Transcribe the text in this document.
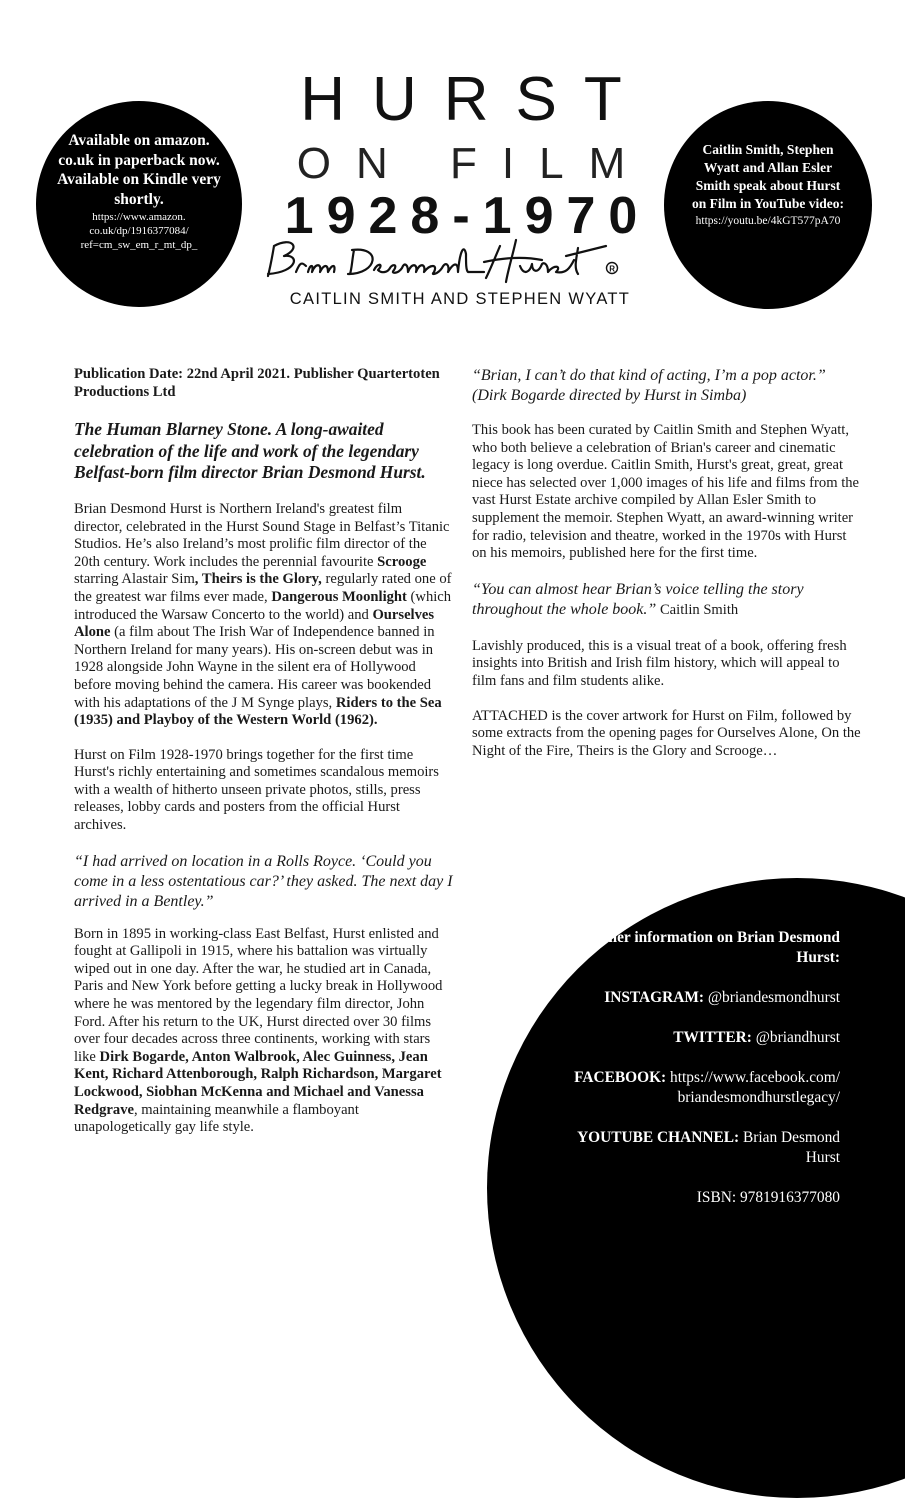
Available on amazon. co.uk in paperback now. Available on Kindle very shortly.
https://www.amazon. co.uk/dp/1916377084/ ref=cm_sw_em_r_mt_dp_
Caitlin Smith, Stephen Wyatt and Allan Esler Smith speak about Hurst on Film in YouTube video:
https://youtu.be/4kGT577pA70
HURST
ON FILM
1928-1970
R
CAITLIN SMITH AND STEPHEN WYATT

Publication Date: 22nd April 2021. Publisher Quartertoten Productions Ltd

The Human Blarney Stone. A long-awaited celebration of the life and work of the legendary Belfast-born film director Brian Desmond Hurst.

Brian Desmond Hurst is Northern Ireland's greatest film director, celebrated in the Hurst Sound Stage in Belfast’s Titanic Studios. He’s also Ireland’s most prolific film director of the 20th century. Work includes the perennial favourite Scrooge starring Alastair Sim, Theirs is the Glory, regularly rated one of the greatest war films ever made, Dangerous Moonlight (which introduced the Warsaw Concerto to the world) and Ourselves Alone (a film about The Irish War of Independence banned in Northern Ireland for many years). His on-screen debut was in 1928 alongside John Wayne in the silent era of Hollywood before moving behind the camera. His career was bookended with his adaptations of the J M Synge plays, Riders to the Sea (1935) and Playboy of the Western World (1962).

Hurst on Film 1928-1970 brings together for the first time Hurst's richly entertaining and sometimes scandalous memoirs with a wealth of hitherto unseen private photos, stills, press releases, lobby cards and posters from the official Hurst archives.

“I had arrived on location in a Rolls Royce. ‘Could you come in a less ostentatious car?’ they asked. The next day I arrived in a Bentley.”

Born in 1895 in working-class East Belfast, Hurst enlisted and fought at Gallipoli in 1915, where his battalion was virtually wiped out in one day. After the war, he studied art in Canada, Paris and New York before getting a lucky break in Hollywood where he was mentored by the legendary film director, John Ford. After his return to the UK, Hurst directed over 30 films over four decades across three continents, working with stars like Dirk Bogarde, Anton Walbrook, Alec Guinness, Jean Kent, Richard Attenborough, Ralph Richardson, Margaret Lockwood, Siobhan McKenna and Michael and Vanessa Redgrave, maintaining meanwhile a flamboyant unapologetically gay life style.

“Brian, I can’t do that kind of acting, I’m a pop actor.” (Dirk Bogarde directed by Hurst in Simba)

This book has been curated by Caitlin Smith and Stephen Wyatt, who both believe a celebration of Brian's career and cinematic legacy is long overdue. Caitlin Smith, Hurst's great, great, great niece has selected over 1,000 images of his life and films from the vast Hurst Estate archive compiled by Allan Esler Smith to supplement the memoir. Stephen Wyatt, an award-winning writer for radio, television and theatre, worked in the 1970s with Hurst on his memoirs, published here for the first time.

“You can almost hear Brian’s voice telling the story throughout the whole book.” Caitlin Smith

Lavishly produced, this is a visual treat of a book, offering fresh insights into British and Irish film history, which will appeal to film fans and film students alike.

ATTACHED is the cover artwork for Hurst on Film, followed by some extracts from the opening pages for Ourselves Alone, On the Night of the Fire, Theirs is the Glory and Scrooge…

For further information on Brian Desmond Hurst:

INSTAGRAM: @briandesmondhurst

TWITTER: @briandhurst

FACEBOOK: https://www.facebook.com/ briandesmondhurstlegacy/

YOUTUBE CHANNEL: Brian Desmond Hurst

ISBN: 9781916377080
